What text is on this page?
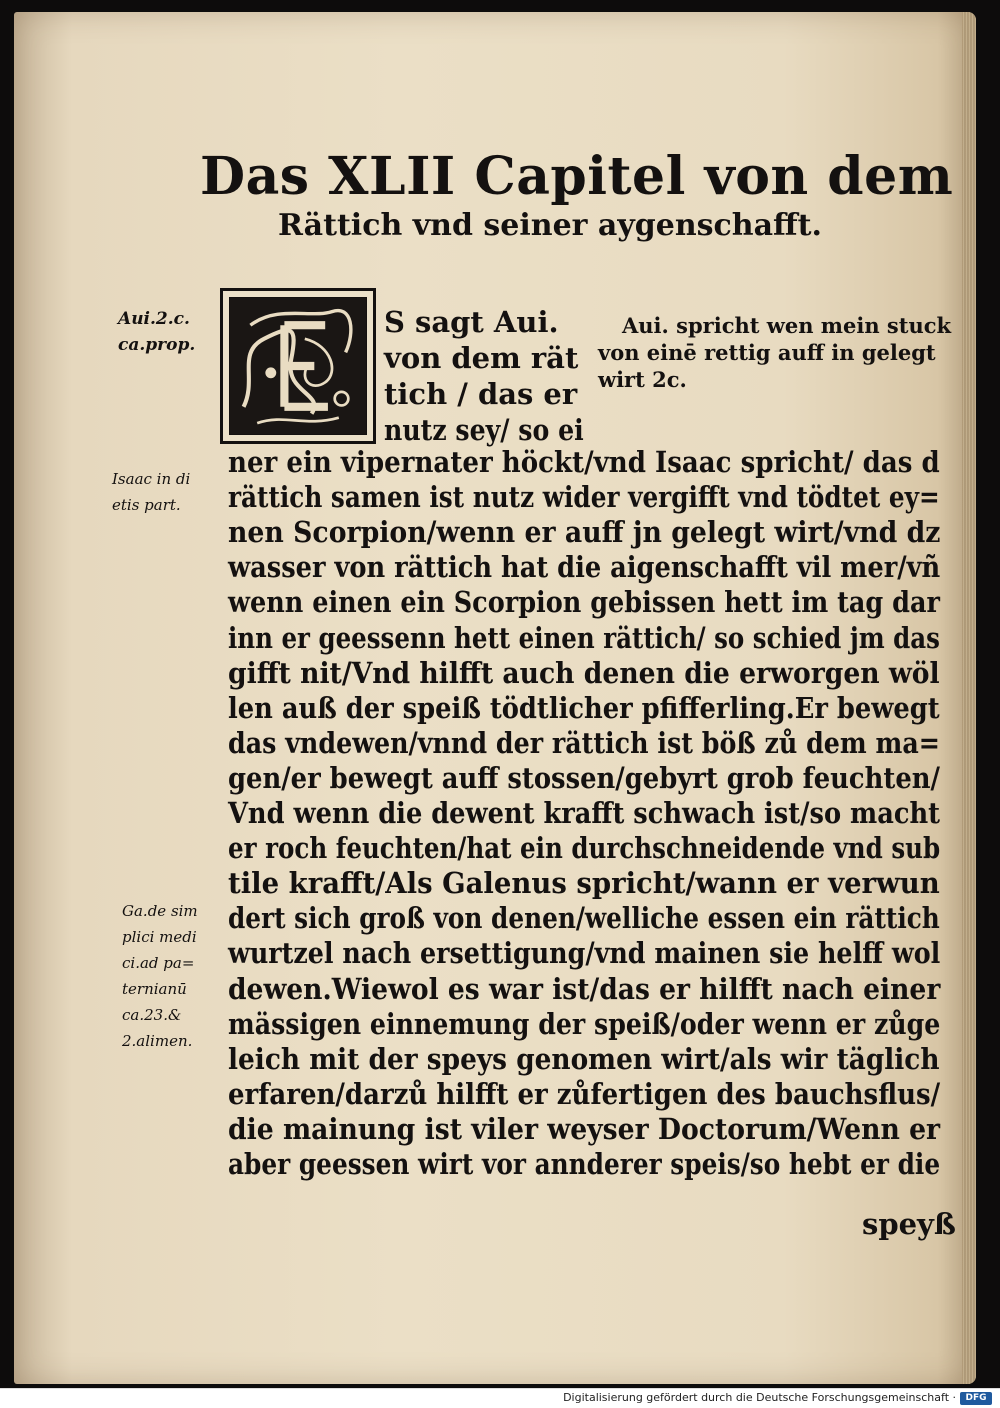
Das XLII Capitel von dem
Rättich vnd seiner aygenschafft.

Aui.2.c.
ca.prop.

Isaac in di
etis part.

Ga.de sim
plici medi
ci.ad pa=
ternianū
ca.23.&
2.alimen.

Aui. spricht wen mein stuck
von einē rettig auff in gelegt
wirt 2c.

S sagt Aui.

von dem rät

tich / das er

nutz sey/ so ei

ner ein vipernater höckt/vnd Isaac spricht/ das d

rättich samen ist nutz wider vergifft vnd tödtet ey=

nen Scorpion/wenn er auff jn gelegt wirt/vnd dz

wasser von rättich hat die aigenschafft vil mer/vñ

wenn einen ein Scorpion gebissen hett im tag dar

inn er geessenn hett einen rättich/ so schied jm das

gifft nit/Vnd hilfft auch denen die erworgen wöl

len auß der speiß tödtlicher pfifferling.Er bewegt

das vndewen/vnnd der rättich ist böß zů dem ma=

gen/er bewegt auff stossen/gebyrt grob feuchten/

Vnd wenn die dewent krafft schwach ist/so macht

er roch feuchten/hat ein durchschneidende vnd sub

tile krafft/Als Galenus spricht/wann er verwun

dert sich groß von denen/welliche essen ein rättich

wurtzel nach ersettigung/vnd mainen sie helff wol

dewen.Wiewol es war ist/das er hilfft nach einer

mässigen einnemung der speiß/oder wenn er zůge

leich mit der speys genomen wirt/als wir täglich

erfaren/darzů hilfft er zůfertigen des bauchsflus/

die mainung ist viler weyser Doctorum/Wenn er

aber geessen wirt vor annderer speis/so hebt er die

speyß

Digitalisierung gefördert durch die Deutsche Forschungsgemeinschaft ·	DFG
